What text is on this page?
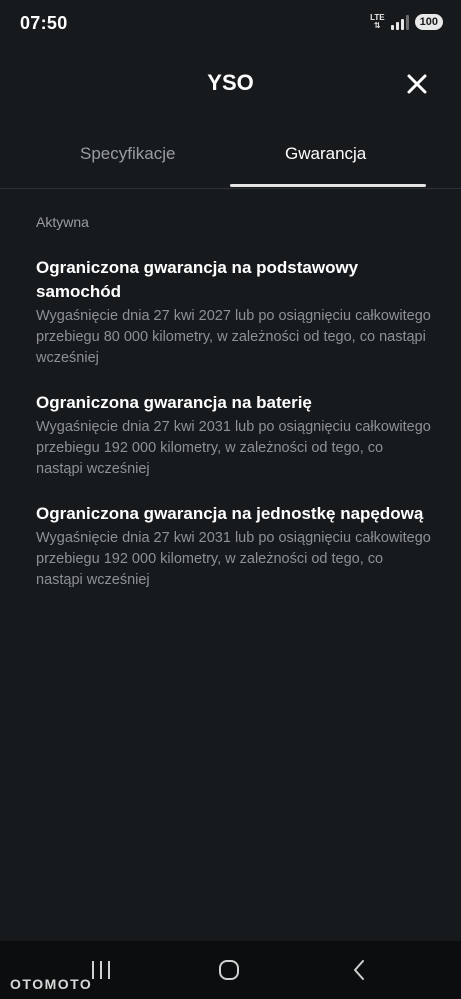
07:50	LTE
⇅	100
YSO
Specyfikacje	Gwarancja
Aktywna
Ograniczona gwarancja na podstawowy samochód
Wygaśnięcie dnia 27 kwi 2027 lub po osiągnięciu całkowitego przebiegu 80 000 kilometry, w zależności od tego, co nastąpi wcześniej
Ograniczona gwarancja na baterię
Wygaśnięcie dnia 27 kwi 2031 lub po osiągnięciu całkowitego przebiegu 192 000 kilometry, w zależności od tego, co nastąpi wcześniej
Ograniczona gwarancja na jednostkę napędową
Wygaśnięcie dnia 27 kwi 2031 lub po osiągnięciu całkowitego przebiegu 192 000 kilometry, w zależności od tego, co nastąpi wcześniej
OTOMOTO
